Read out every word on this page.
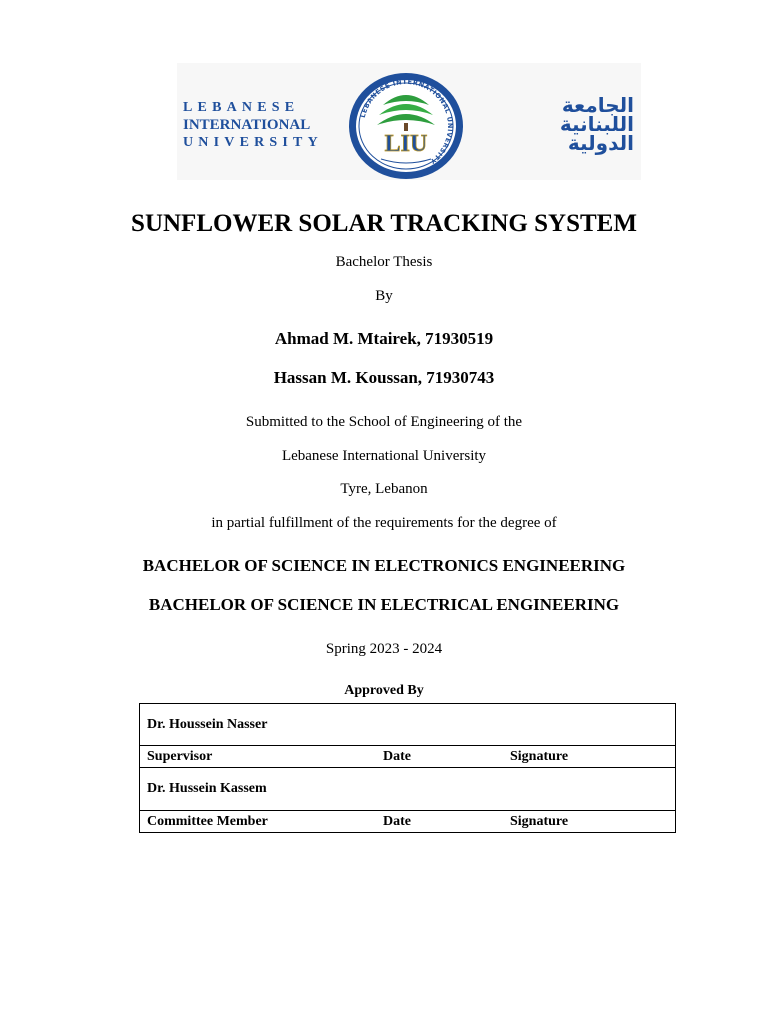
LEBANESE
INTERNATIONAL
UNIVERSITY
LEBANESE INTERNATIONAL UNIVERSITY
LIU
الجامعة
اللبنانية
الدولية
SUNFLOWER SOLAR TRACKING SYSTEM
Bachelor Thesis
By
Ahmad M. Mtairek, 71930519
Hassan M. Koussan, 71930743
Submitted to the School of Engineering of the
Lebanese International University
Tyre, Lebanon
in partial fulfillment of the requirements for the degree of
BACHELOR OF SCIENCE IN ELECTRONICS ENGINEERING
BACHELOR OF SCIENCE IN ELECTRICAL ENGINEERING
Spring 2023 - 2024
Approved By
Dr. Houssein Nasser		
Supervisor	Date	Signature
Dr. Hussein Kassem		
Committee Member	Date	Signature
